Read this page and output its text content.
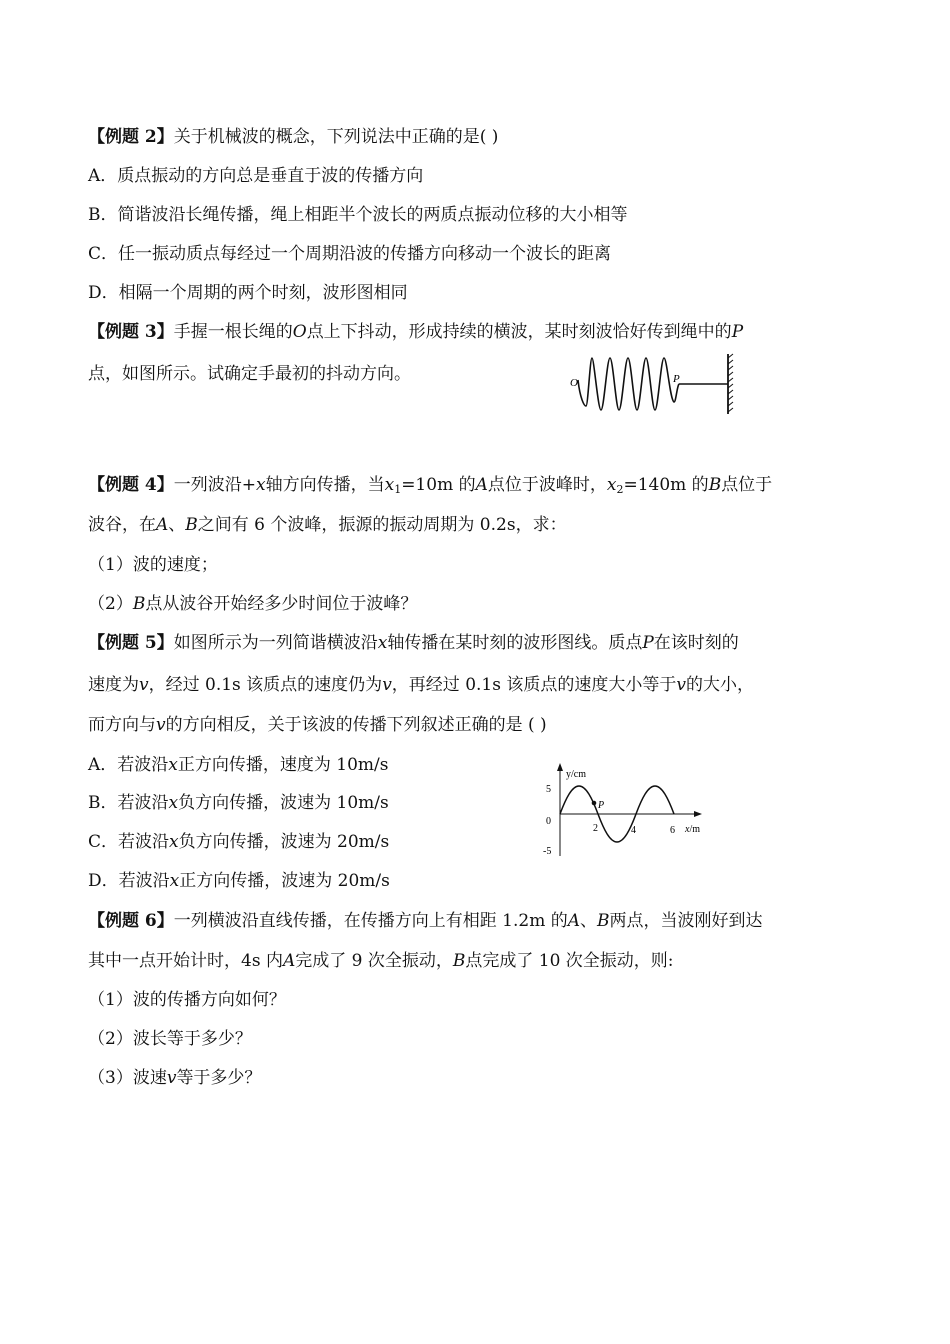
【例题 2】关于机械波的概念，下列说法中正确的是( )
A．质点振动的方向总是垂直于波的传播方向
B．简谐波沿长绳传播，绳上相距半个波长的两质点振动位移的大小相等
C．任一振动质点每经过一个周期沿波的传播方向移动一个波长的距离
D．相隔一个周期的两个时刻，波形图相同
【例题 3】手握一根长绳的O点上下抖动，形成持续的横波，某时刻波恰好传到绳中的P
点，如图所示。试确定手最初的抖动方向。	O	P
【例题 4】一列波沿+x轴方向传播，当$x_1=10m$ 的A点位于波峰时，$x_2=140m$ 的B点位于
波谷，在A、B之间有 6 个波峰，振源的振动周期为 0.2s，求：
（1）波的速度；
（2）B点从波谷开始经多少时间位于波峰？
【例题 5】如图所示为一列简谐横波沿x轴传播在某时刻的波形图线。质点P在该时刻的
速度为v，经过 0.1s 该质点的速度仍为v，再经过 0.1s 该质点的速度大小等于v的大小，
而方向与v的方向相反，关于该波的传播下列叙述正确的是 ( )
A．若波沿x正方向传播，速度为 10m/s
B．若波沿x负方向传播，波速为 10m/s
C．若波沿x负方向传播，波速为 20m/s
D．若波沿x正方向传播，波速为 20m/s
P
y/cm
5
0
-5
2	4	6 x/m
【例题 6】一列横波沿直线传播，在传播方向上有相距 1.2m 的A、B两点，当波刚好到达
其中一点开始计时，4s 内A完成了 9 次全振动，B点完成了 10 次全振动，则:
（1）波的传播方向如何？
（2）波长等于多少？
（3）波速v等于多少？
